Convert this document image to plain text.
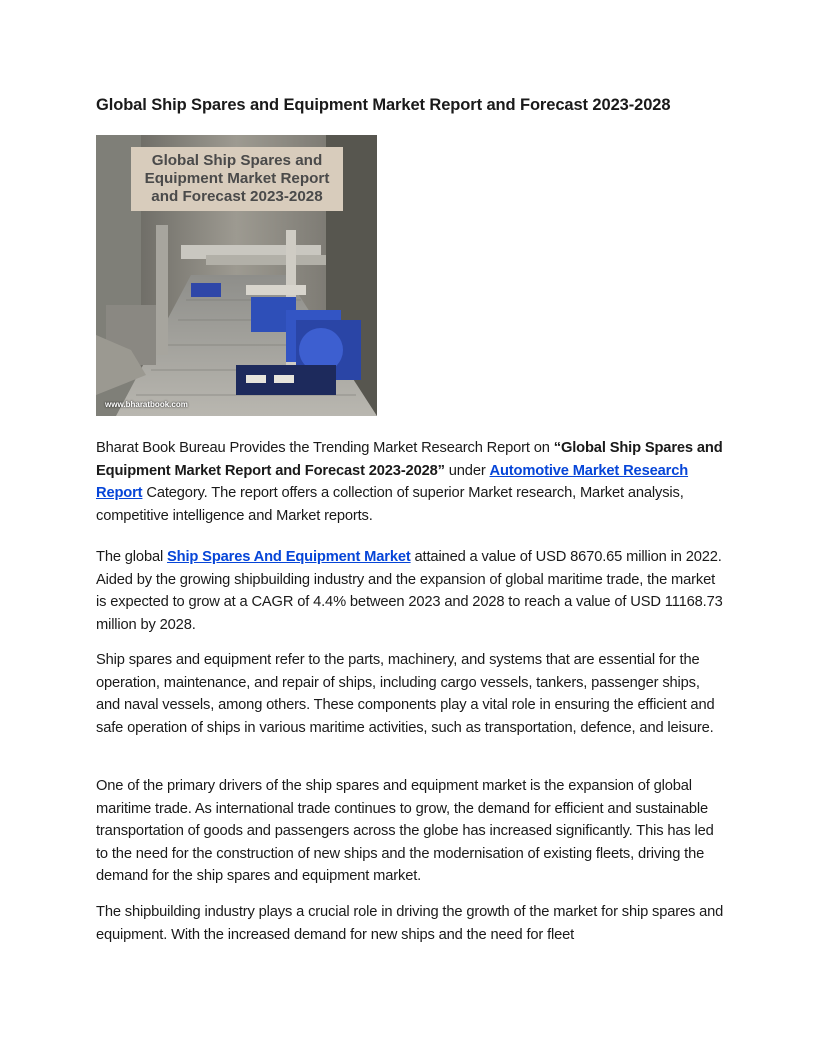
Global Ship Spares and Equipment Market Report and Forecast 2023-2028
Global Ship Spares and Equipment Market Report and Forecast 2023-2028
www.bharatbook.com

Bharat Book Bureau Provides the Trending Market Research Report on “Global Ship Spares and Equipment Market Report and Forecast 2023-2028” under Automotive Market Research Report Category. The report offers a collection of superior Market research, Market analysis, competitive intelligence and Market reports.

The global Ship Spares And Equipment Market attained a value of USD 8670.65 million in 2022. Aided by the growing shipbuilding industry and the expansion of global maritime trade, the market is expected to grow at a CAGR of 4.4% between 2023 and 2028 to reach a value of USD 11168.73 million by 2028.

Ship spares and equipment refer to the parts, machinery, and systems that are essential for the operation, maintenance, and repair of ships, including cargo vessels, tankers, passenger ships, and naval vessels, among others. These components play a vital role in ensuring the efficient and safe operation of ships in various maritime activities, such as transportation, defence, and leisure.

One of the primary drivers of the ship spares and equipment market is the expansion of global maritime trade. As international trade continues to grow, the demand for efficient and sustainable transportation of goods and passengers across the globe has increased significantly. This has led to the need for the construction of new ships and the modernisation of existing fleets, driving the demand for the ship spares and equipment market.

The shipbuilding industry plays a crucial role in driving the growth of the market for ship spares and equipment. With the increased demand for new ships and the need for fleet
